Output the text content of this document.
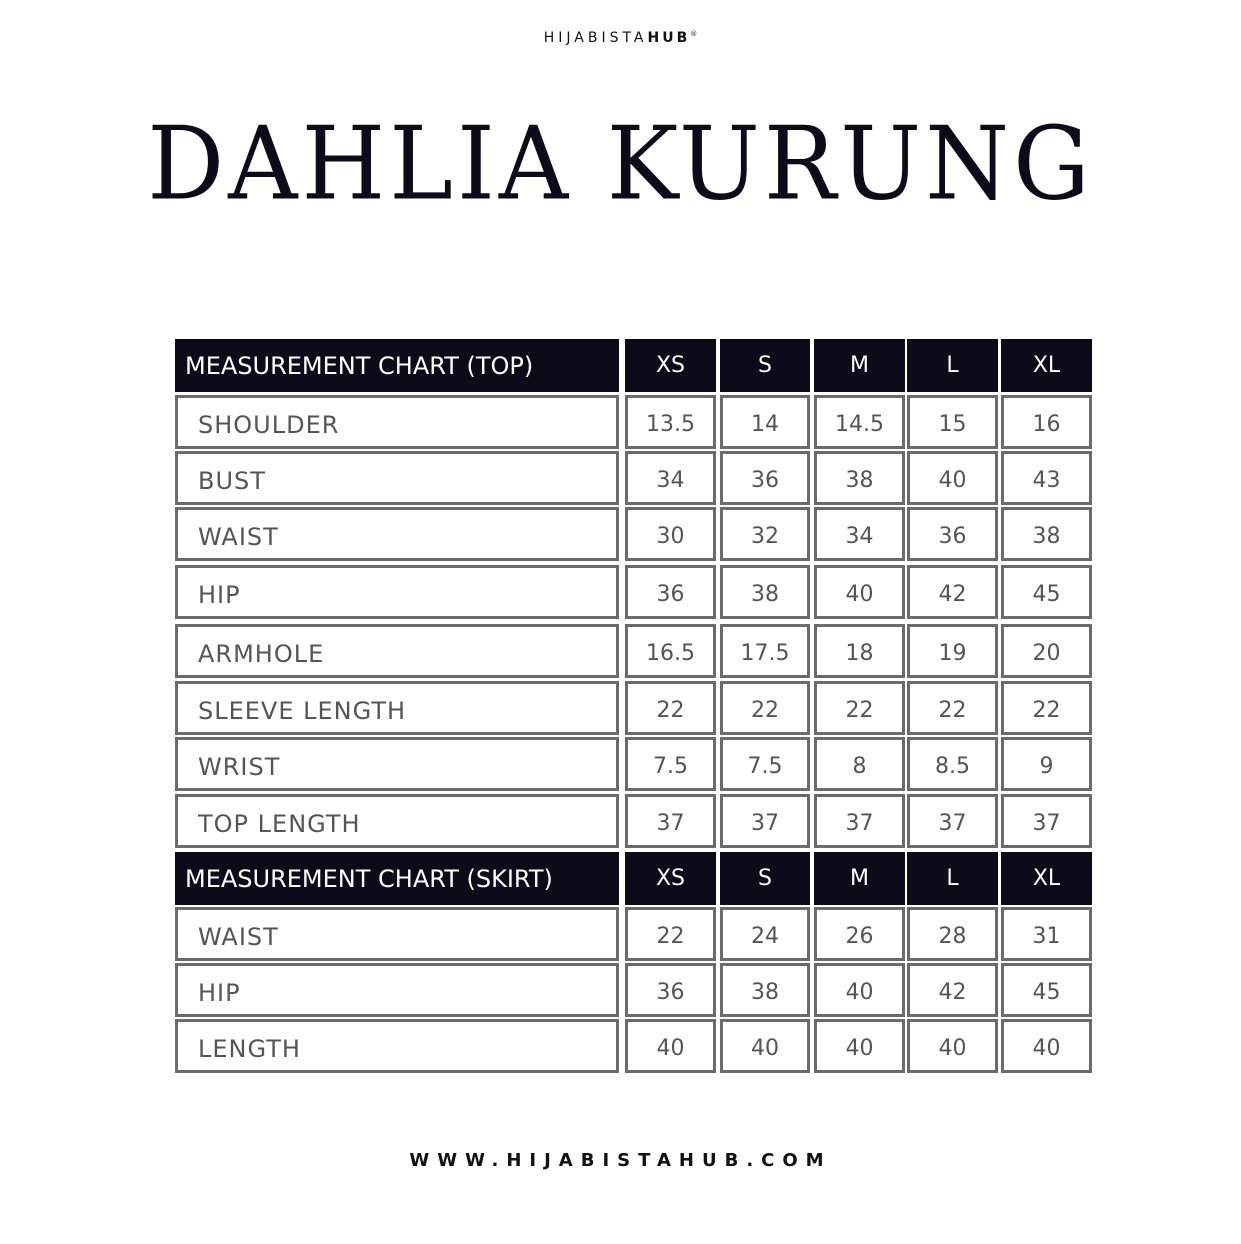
HIJABISTAHUB®
DAHLIA KURUNG
MEASUREMENT CHART (TOP)	XS	S	M	L	XL
SHOULDER	13.5	14	14.5	15	16
BUST	34	36	38	40	43
WAIST	30	32	34	36	38
HIP	36	38	40	42	45
ARMHOLE	16.5	17.5	18	19	20
SLEEVE LENGTH	22	22	22	22	22
WRIST	7.5	7.5	8	8.5	9
TOP LENGTH	37	37	37	37	37
MEASUREMENT CHART (SKIRT)	XS	S	M	L	XL
WAIST	22	24	26	28	31
HIP	36	38	40	42	45
LENGTH	40	40	40	40	40
WWW.HIJABISTAHUB.COM
